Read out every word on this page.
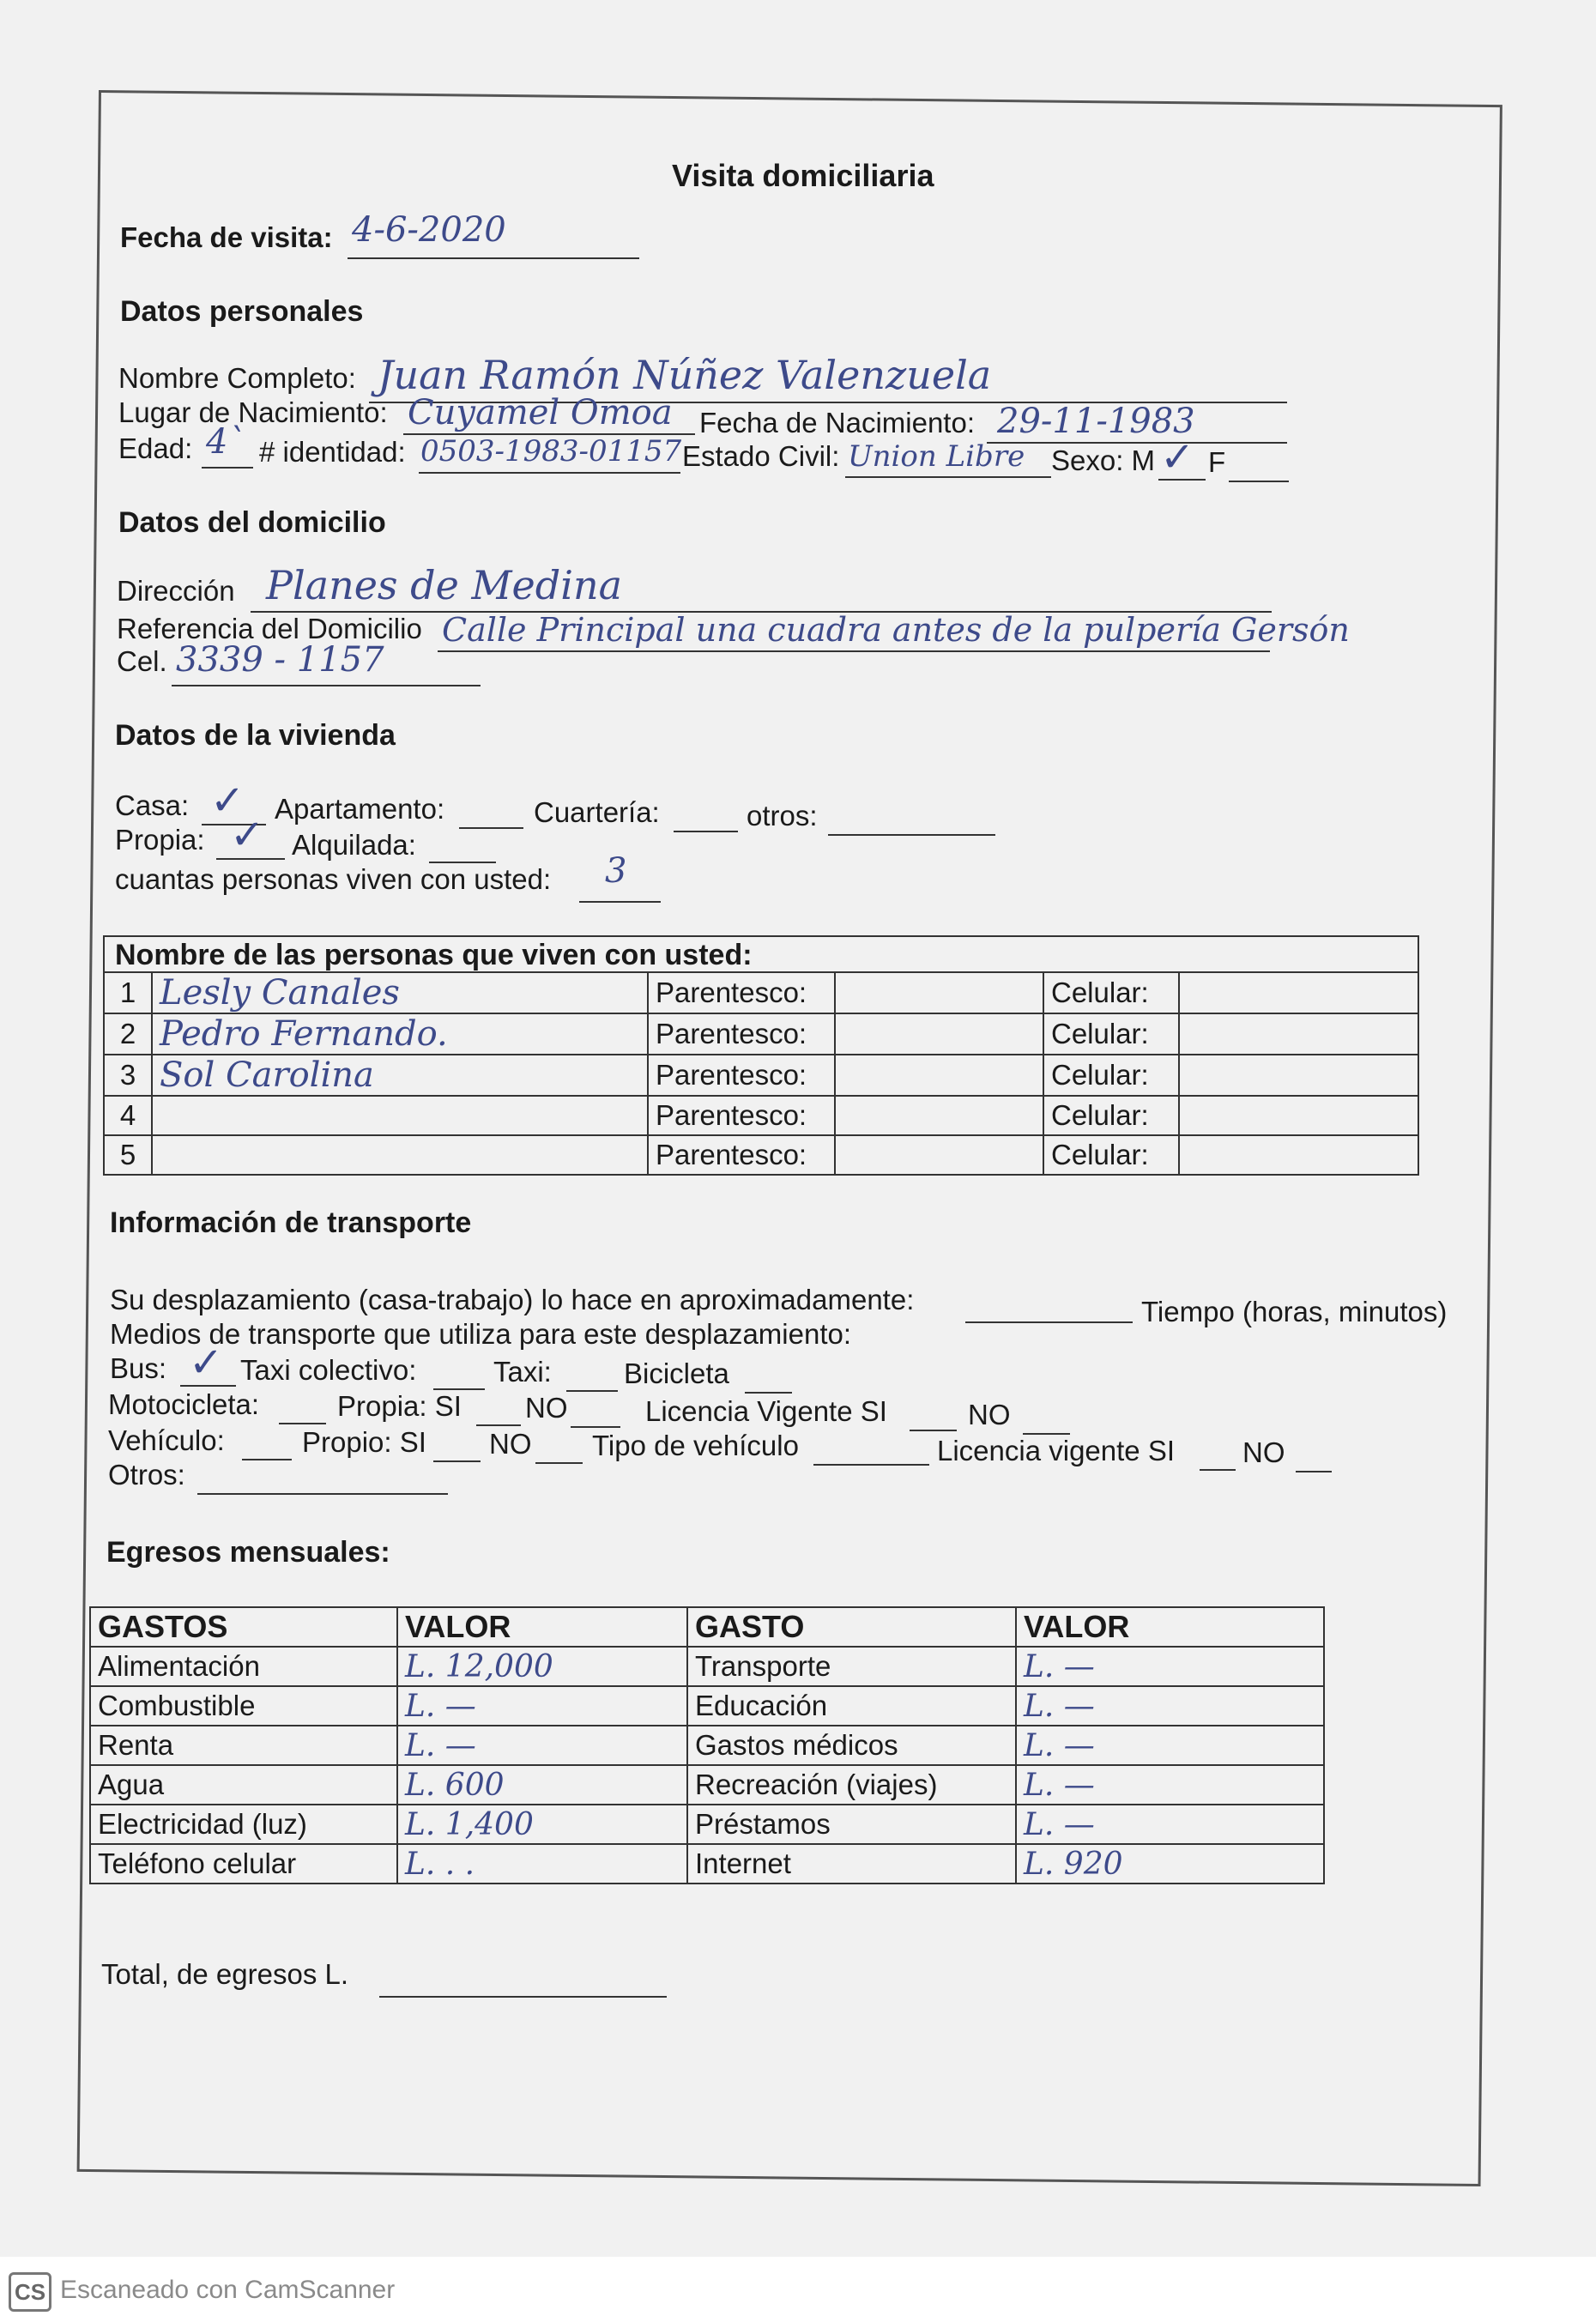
Visita domiciliaria
Fecha de visita: 4-6-2020
Datos personales
Nombre Completo: Juan Ramón Núñez Valenzuela
Lugar de Nacimiento: Cuyamel Omoa Fecha de Nacimiento: 29-11-1983
Edad: 4` # identidad: 0503-1983-01157 Estado Civil: Union Libre Sexo: M ✓ F
Datos del domicilio
Dirección Planes de Medina
Referencia del Domicilio Calle Principal una cuadra antes de la pulpería Gersón
Cel. 3339 - 1157
Datos de la vivienda
Casa: ✓ Apartamento:	Cuartería:	otros:
Propia: ✓ Alquilada:
cuantas personas viven con usted: 3
Nombre de las personas que viven con usted:
1	Lesly Canales	Parentesco:		Celular:	
2	Pedro Fernando.	Parentesco:		Celular:	
3	Sol Carolina	Parentesco:		Celular:	
4		Parentesco:		Celular:	
5		Parentesco:		Celular:	
Información de transporte
Su desplazamiento (casa-trabajo) lo hace en aproximadamente:	Tiempo (horas, minutos)
Medios de transporte que utiliza para este desplazamiento:
Bus: ✓ Taxi colectivo:	Taxi:	Bicicleta
Motocicleta:	Propia: SI NO	Licencia Vigente SI	NO
Vehículo:	Propio: SI NO Tipo de vehículo	Licencia vigente SI NO
Otros:
Egresos mensuales:
GASTOS	VALOR	GASTO	VALOR
Alimentación	L. 12,000	Transporte	L. —
Combustible	L. —	Educación	L. —
Renta	L. —	Gastos médicos	L. —
Agua	L. 600	Recreación (viajes)	L. —
Electricidad (luz)	L. 1,400	Préstamos	L. —
Teléfono celular	L. . .	Internet	L. 920
Total, de egresos L.
CS Escaneado con CamScanner
